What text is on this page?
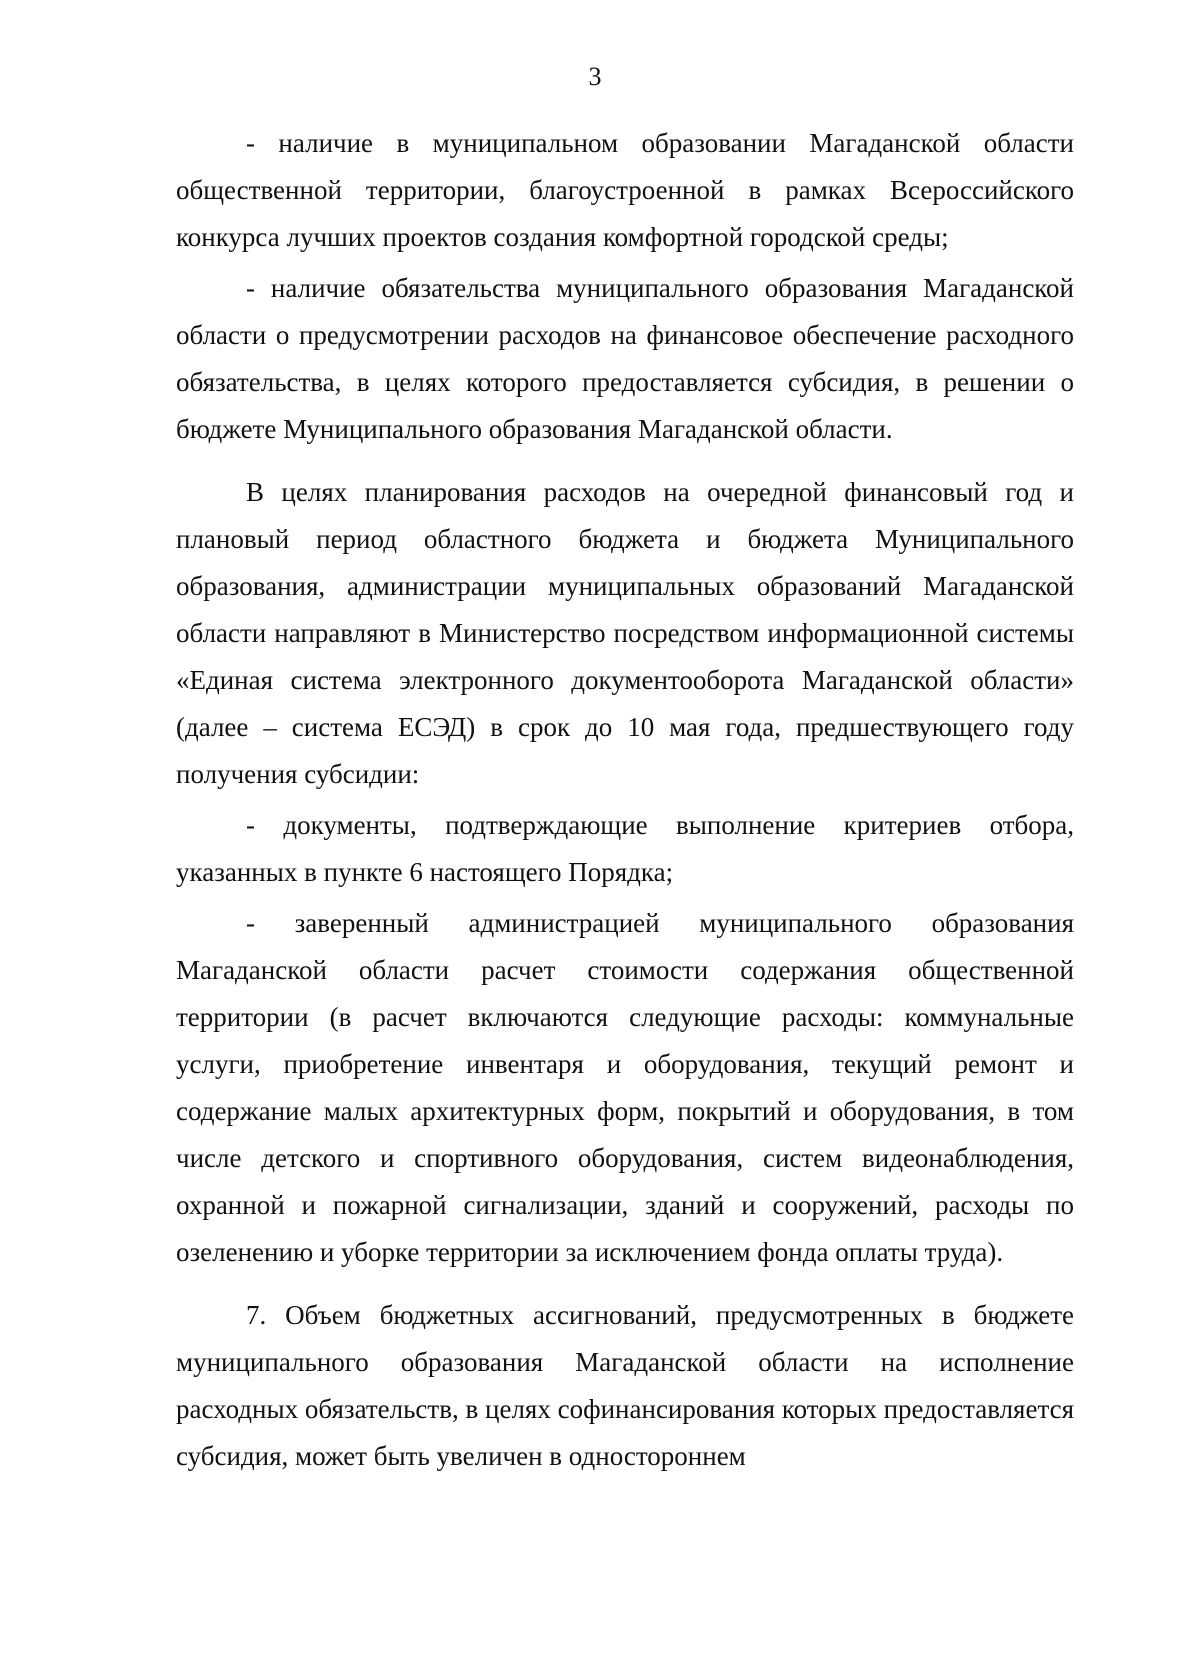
3

- наличие в муниципальном образовании Магаданской области общественной территории, благоустроенной в рамках Всероссийского конкурса лучших проектов создания комфортной городской среды;

- наличие обязательства муниципального образования Магаданской области о предусмотрении расходов на финансовое обеспечение расходного обязательства, в целях которого предоставляется субсидия, в решении о бюджете Муниципального образования Магаданской области.

В целях планирования расходов на очередной финансовый год и плановый период областного бюджета и бюджета Муниципального образования, администрации муниципальных образований Магаданской области направляют в Министерство посредством информационной системы «Единая система электронного документооборота Магаданской области» (далее – система ЕСЭД) в срок до 10 мая года, предшествующего году получения субсидии:

- документы, подтверждающие выполнение критериев отбора, указанных в пункте 6 настоящего Порядка;

- заверенный администрацией муниципального образования Магаданской области расчет стоимости содержания общественной территории (в расчет включаются следующие расходы: коммунальные услуги, приобретение инвентаря и оборудования, текущий ремонт и содержание малых архитектурных форм, покрытий и оборудования, в том числе детского и спортивного оборудования, систем видеонаблюдения, охранной и пожарной сигнализации, зданий и сооружений, расходы по озеленению и уборке территории за исключением фонда оплаты труда).

7. Объем бюджетных ассигнований, предусмотренных в бюджете муниципального образования Магаданской области на исполнение расходных обязательств, в целях софинансирования которых предоставляется субсидия, может быть увеличен в одностороннем
